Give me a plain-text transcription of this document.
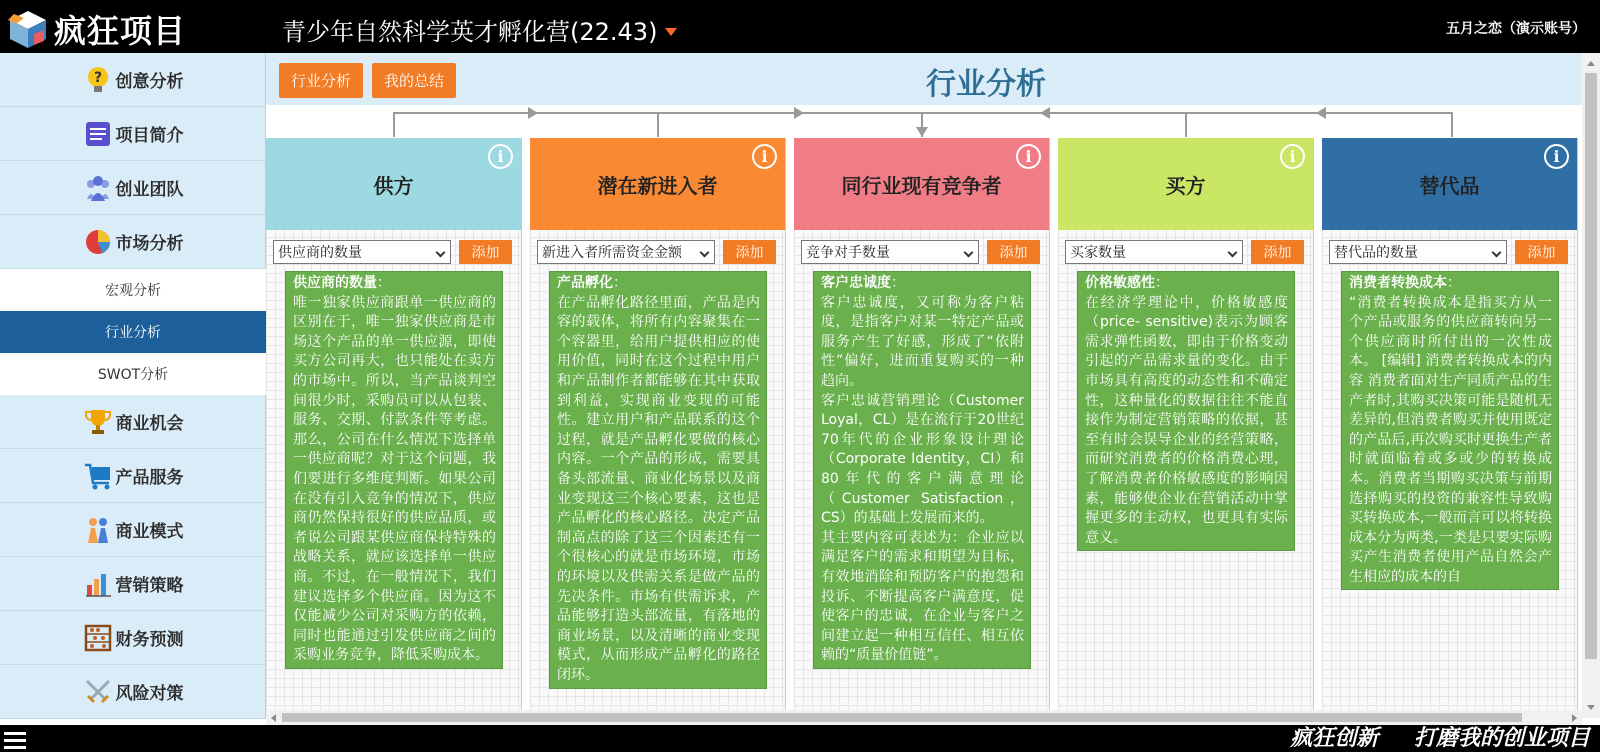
疯狂项目	青少年自然科学英才孵化营(22.43)	五月之恋（演示账号）
? 创意分析
项目简介
创业团队
市场分析
宏观分析
行业分析
SWOT分析
商业机会
产品服务
商业模式
营销策略
财务预测
风险对策
行业分析	我的总结	行业分析
供方
i
供应商的数量	添加
供应商的数量：
唯一独家供应商跟单一供应商的区别在于，唯一独家供应商是市场这个产品的单一供应源，即使买方公司再大，也只能处在卖方的市场中。所以，当产品谈判空间很少时，采购员可以从包装、服务、交期、付款条件等考虑。那么，公司在什么情况下选择单一供应商呢？对于这个问题，我们要进行多维度判断。如果公司在没有引入竞争的情况下，供应商仍然保持很好的供应品质，或者说公司跟某供应商保持特殊的战略关系，就应该选择单一供应商。不过，在一般情况下，我们建议选择多个供应商。因为这不仅能减少公司对采购方的依赖，同时也能通过引发供应商之间的采购业务竞争，降低采购成本。
潜在新进入者
i
新进入者所需资金金额	添加
产品孵化：
在产品孵化路径里面，产品是内容的载体，将所有内容聚集在一个容器里，给用户提供相应的使用价值，同时在这个过程中用户和产品制作者都能够在其中获取到利益，实现商业变现的可能性。建立用户和产品联系的这个过程，就是产品孵化要做的核心内容。一个产品的形成，需要具备头部流量、商业化场景以及商业变现这三个核心要素，这也是产品孵化的核心路径。决定产品制高点的除了这三个因素还有一个很核心的就是市场环境，市场的环境以及供需关系是做产品的先决条件。市场有供需诉求，产品能够打造头部流量，有落地的商业场景，以及清晰的商业变现模式，从而形成产品孵化的路径闭环。
同行业现有竞争者
i
竞争对手数量	添加
客户忠诚度：
客户忠诚度，又可称为客户粘度，是指客户对某一特定产品或服务产生了好感，形成了“依附性”偏好，进而重复购买的一种趋向。
客户忠诚营销理论（Customer Loyal，CL）是在流行于20世纪70年代的企业形象设计理论（Corporate Identity，CI）和80年代的客户满意理论（Customer Satisfaction，CS）的基础上发展而来的。
其主要内容可表述为：企业应以满足客户的需求和期望为目标，有效地消除和预防客户的抱怨和投诉、不断提高客户满意度，促使客户的忠诚，在企业与客户之间建立起一种相互信任、相互依赖的“质量价值链”。
买方
i
买家数量	添加
价格敏感性：
在经济学理论中，价格敏感度（price- sensitive)表示为顾客需求弹性函数，即由于价格变动引起的产品需求量的变化。由于市场具有高度的动态性和不确定性，这种量化的数据往往不能直接作为制定营销策略的依据，甚至有时会误导企业的经营策略，而研究消费者的价格消费心理，了解消费者价格敏感度的影响因素，能够使企业在营销活动中掌握更多的主动权，也更具有实际意义。
替代品
i
替代品的数量	添加
消费者转换成本：
“消费者转换成本是指买方从一个产品或服务的供应商转向另一个供应商时所付出的一次性成本。 [编辑] 消费者转换成本的内容 消费者面对生产同质产品的生产者时,其购买决策可能是随机无差异的,但消费者购买并使用既定的产品后,再次购买时更换生产者时就面临着或多或少的转换成本。消费者当期购买决策与前期选择购买的投资的兼容性导致购买转换成本,一般而言可以将转换成本分为两类,一类是只要实际购买产生消费者使用产品自然会产生相应的成本的自
疯狂创新 打磨我的创业项目
